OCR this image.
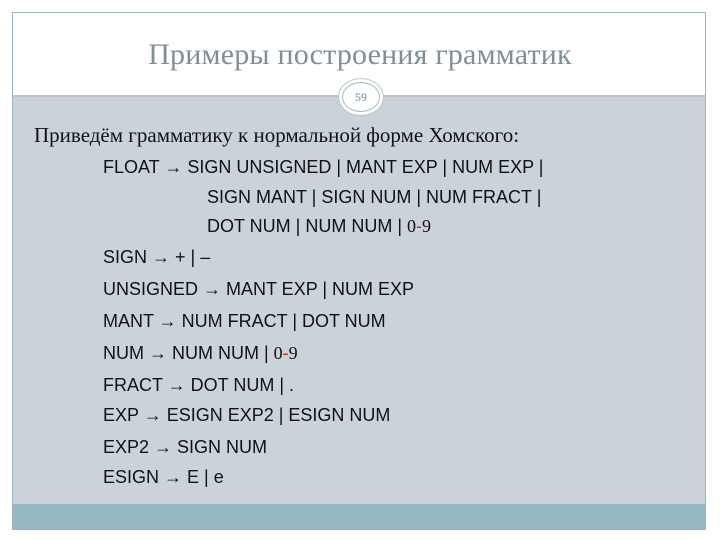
Примеры построения грамматик
59
Приведём грамматику к нормальной форме Хомского:
FLOAT → SIGN UNSIGNED | MANT EXP | NUM EXP |
SIGN MANT | SIGN NUM | NUM FRACT |
DOT NUM | NUM NUM | 0-9
SIGN → + | –
UNSIGNED → MANT EXP | NUM EXP
MANT → NUM FRACT | DOT NUM
NUM → NUM NUM | 0-9
FRACT → DOT NUM | .
EXP → ESIGN EXP2 | ESIGN NUM
EXP2 → SIGN NUM
ESIGN → E | e
